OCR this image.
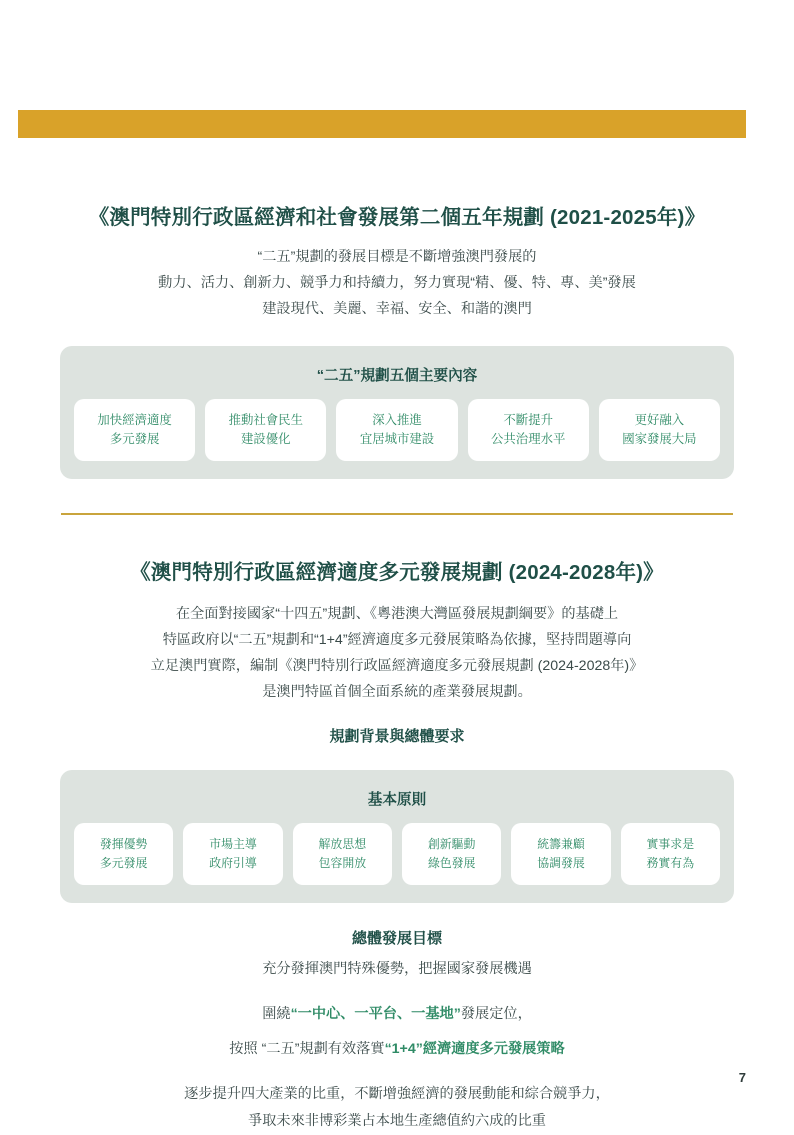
《澳門特別行政區經濟和社會發展第二個五年規劃 (2021-2025年)》
“二五”規劃的發展目標是不斷增強澳門發展的
動力、活力、創新力、競爭力和持續力，努力實現“精、優、特、專、美”發展
建設現代、美麗、幸福、安全、和諧的澳門
“二五”規劃五個主要內容
加快經濟適度
多元發展
推動社會民生
建設優化
深入推進
宜居城市建設
不斷提升
公共治理水平
更好融入
國家發展大局
《澳門特別行政區經濟適度多元發展規劃 (2024-2028年)》
在全面對接國家“十四五”規劃、《粵港澳大灣區發展規劃綱要》的基礎上
特區政府以“二五”規劃和“1+4”經濟適度多元發展策略為依據，堅持問題導向
立足澳門實際，編制《澳門特別行政區經濟適度多元發展規劃 (2024-2028年)》
是澳門特區首個全面系統的產業發展規劃。
規劃背景與總體要求
基本原則
發揮優勢
多元發展
市場主導
政府引導
解放思想
包容開放
創新驅動
綠色發展
統籌兼顧
協調發展
實事求是
務實有為
總體發展目標
充分發揮澳門特殊優勢，把握國家發展機遇
圍繞“一中心、一平台、一基地”發展定位，
按照 “二五”規劃有效落實“1+4”經濟適度多元發展策略
逐步提升四大產業的比重，不斷增強經濟的發展動能和綜合競爭力，
爭取未來非博彩業占本地生產總值約六成的比重
7
